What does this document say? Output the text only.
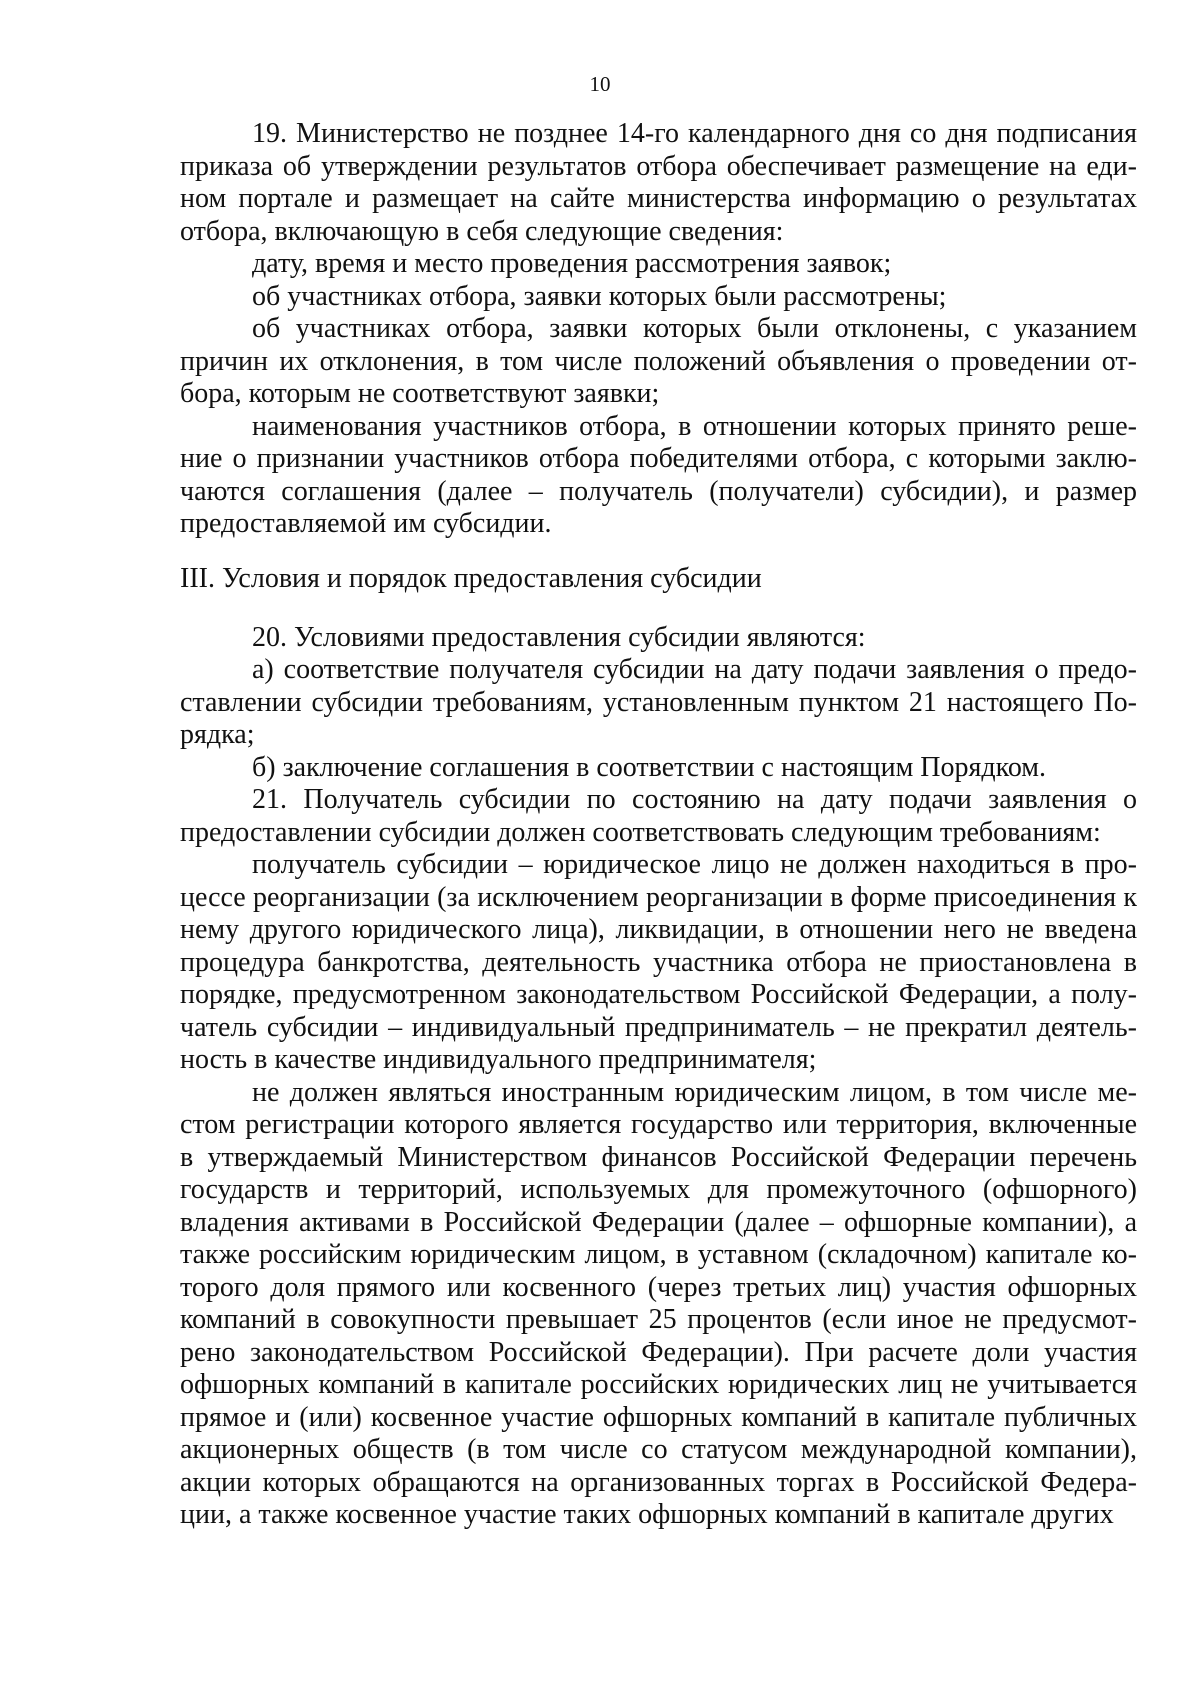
10

19. Министерство не позднее 14-го календарного дня со дня подписания приказа об утверждении результатов отбора обеспечивает размещение на едином портале и размещает на сайте министерства информацию о результатах отбора, включающую в себя следующие сведения:

дату, время и место проведения рассмотрения заявок;

об участниках отбора, заявки которых были рассмотрены;

об участниках отбора, заявки которых были отклонены, с указанием причин их отклонения, в том числе положений объявления о проведении отбора, которым не соответствуют заявки;

наименования участников отбора, в отношении которых принято решение о признании участников отбора победителями отбора, с которыми заключаются соглашения (далее – получатель (получатели) субсидии), и размер предоставляемой им субсидии.

III. Условия и порядок предоставления субсидии

20. Условиями предоставления субсидии являются:

а) соответствие получателя субсидии на дату подачи заявления о предоставлении субсидии требованиям, установленным пунктом 21 настоящего Порядка;

б) заключение соглашения в соответствии с настоящим Порядком.

21. Получатель субсидии по состоянию на дату подачи заявления о предоставлении субсидии должен соответствовать следующим требованиям:

получатель субсидии – юридическое лицо не должен находиться в процессе реорганизации (за исключением реорганизации в форме присоединения к нему другого юридического лица), ликвидации, в отношении него не введена процедура банкротства, деятельность участника отбора не приостановлена в порядке, предусмотренном законодательством Российской Федерации, а получатель субсидии – индивидуальный предприниматель – не прекратил деятельность в качестве индивидуального предпринимателя;

не должен являться иностранным юридическим лицом, в том числе местом регистрации которого является государство или территория, включенные в утверждаемый Министерством финансов Российской Федерации перечень государств и территорий, используемых для промежуточного (офшорного) владения активами в Российской Федерации (далее – офшорные компании), а также российским юридическим лицом, в уставном (складочном) капитале которого доля прямого или косвенного (через третьих лиц) участия офшорных компаний в совокупности превышает 25 процентов (если иное не предусмотрено законодательством Российской Федерации). При расчете доли участия офшорных компаний в капитале российских юридических лиц не учитывается прямое и (или) косвенное участие офшорных компаний в капитале публичных акционерных обществ (в том числе со статусом международной компании), акции которых обращаются на организованных торгах в Российской Федерации, а также косвенное участие таких офшорных компаний в капитале других
